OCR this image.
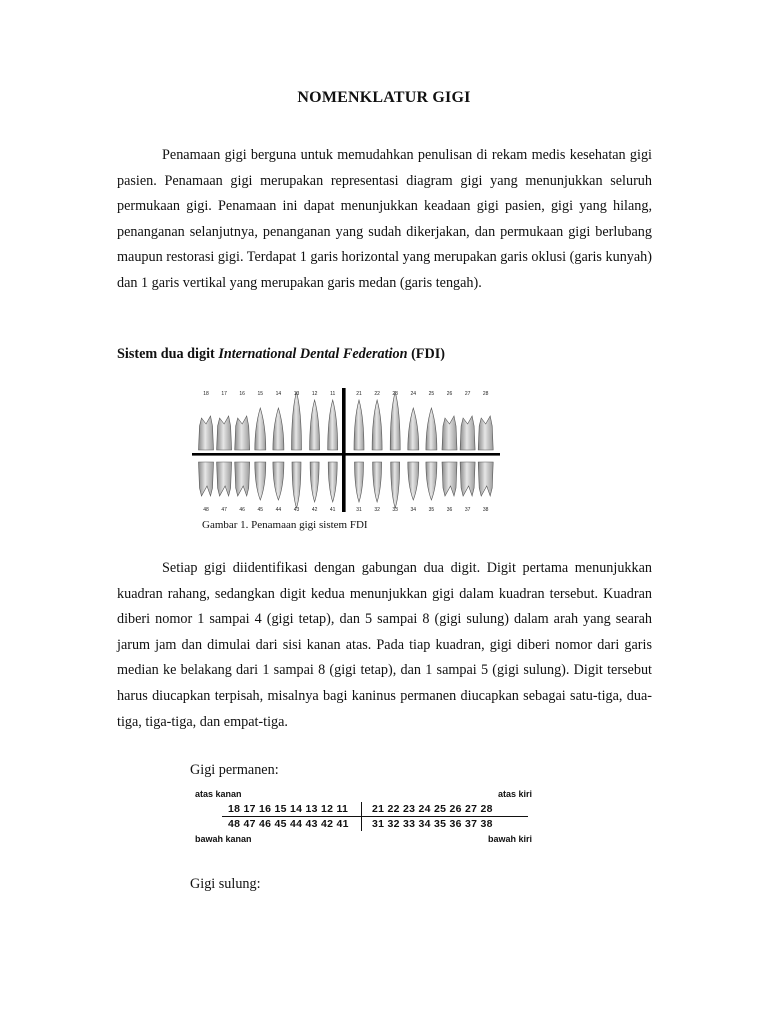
NOMENKLATUR GIGI
Penamaan gigi berguna untuk memudahkan penulisan di rekam medis kesehatan gigi pasien. Penamaan gigi merupakan representasi diagram gigi yang menunjukkan seluruh permukaan gigi. Penamaan ini dapat menunjukkan keadaan gigi pasien, gigi yang hilang, penanganan selanjutnya, penanganan yang sudah dikerjakan, dan permukaan gigi berlubang maupun restorasi gigi. Terdapat 1 garis horizontal yang merupakan garis oklusi (garis kunyah) dan 1 garis vertikal yang merupakan garis medan (garis tengah).
Sistem dua digit International Dental Federation (FDI)
18
48
17
47
16
46
15
45
14
44
13
43
12
42
11
41
21
31
22
32
23
33
24
34
25
35
26
36
27
37
28
38
Gambar 1. Penamaan gigi sistem FDI
Setiap gigi diidentifikasi dengan gabungan dua digit. Digit pertama menunjukkan kuadran rahang, sedangkan digit kedua menunjukkan gigi dalam kuadran tersebut. Kuadran diberi nomor 1 sampai 4 (gigi tetap), dan 5 sampai 8 (gigi sulung) dalam arah yang searah jarum jam dan dimulai dari sisi kanan atas. Pada tiap kuadran, gigi diberi nomor dari garis median ke belakang dari 1 sampai 8 (gigi tetap), dan 1 sampai 5 (gigi sulung). Digit tersebut harus diucapkan terpisah, misalnya bagi kaninus permanen diucapkan sebagai satu-tiga, dua-tiga, tiga-tiga, dan empat-tiga.
Gigi permanen:
atas kanan	atas kiri
18 17 16 15 14 13 12 11 21 22 23 24 25 26 27 28
48 47 46 45 44 43 42 41 31 32 33 34 35 36 37 38
bawah kanan	bawah kiri
Gigi sulung:
